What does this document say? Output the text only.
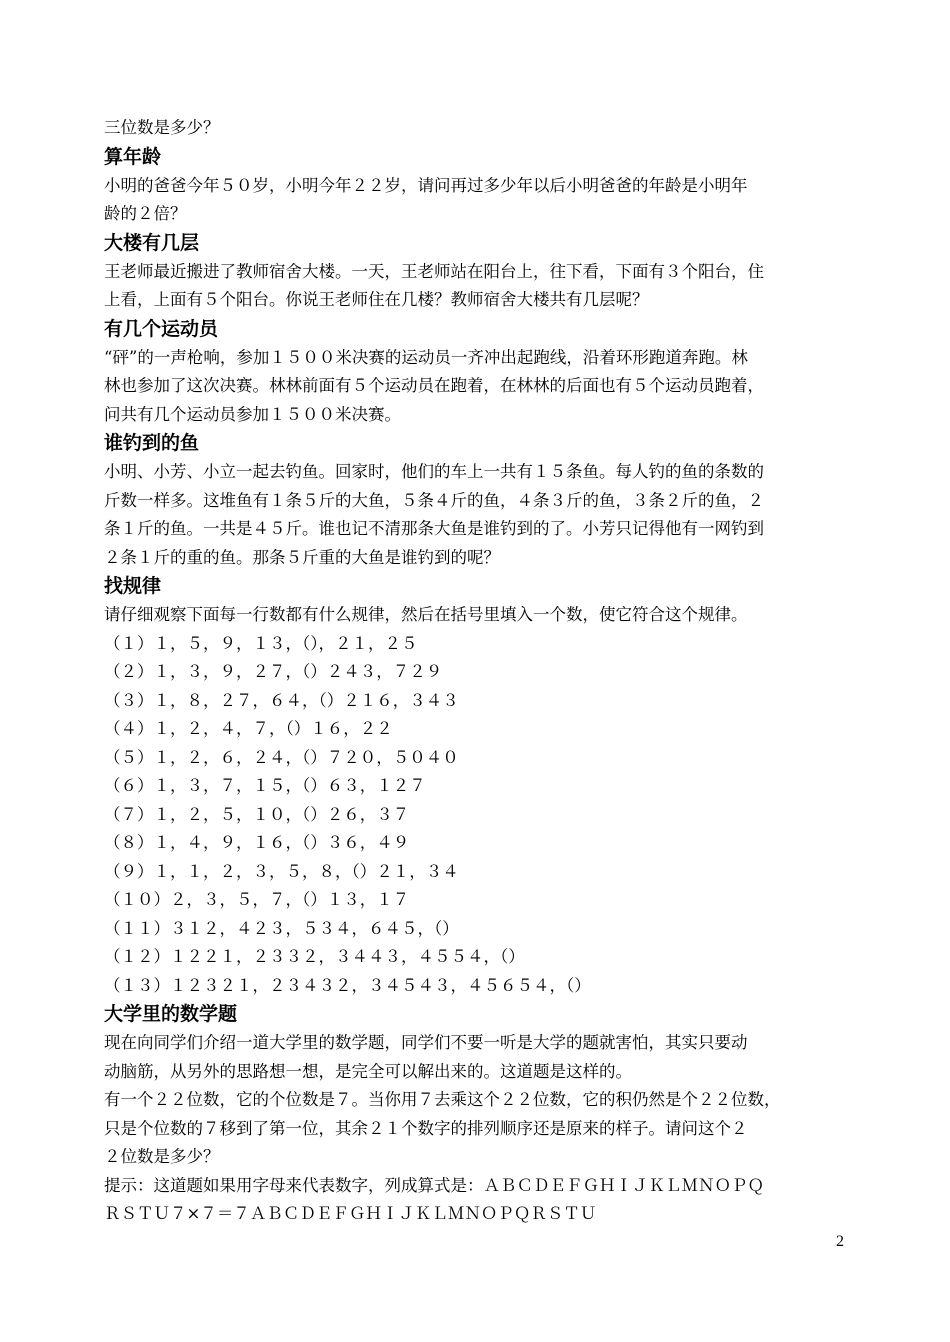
三位数是多少？

算年龄

小明的爸爸今年５０岁，小明今年２２岁，请问再过多少年以后小明爸爸的年龄是小明年

龄的２倍？

大楼有几层

王老师最近搬进了教师宿舍大楼。一天，王老师站在阳台上，往下看，下面有３个阳台，住

上看，上面有５个阳台。你说王老师住在几楼？教师宿舍大楼共有几层呢？

有几个运动员

“砰”的一声枪响，参加１５００米决赛的运动员一齐冲出起跑线，沿着环形跑道奔跑。林

林也参加了这次决赛。林林前面有５个运动员在跑着，在林林的后面也有５个运动员跑着，

问共有几个运动员参加１５００米决赛。

谁钓到的鱼

小明、小芳、小立一起去钓鱼。回家时，他们的车上一共有１５条鱼。每人钓的鱼的条数的

斤数一样多。这堆鱼有１条５斤的大鱼，５条４斤的鱼，４条３斤的鱼，３条２斤的鱼，２

条１斤的鱼。一共是４５斤。谁也记不清那条大鱼是谁钓到的了。小芳只记得他有一网钓到

２条１斤的重的鱼。那条５斤重的大鱼是谁钓到的呢？

找规律

请仔细观察下面每一行数都有什么规律，然后在括号里填入一个数，使它符合这个规律。

（１）１，５，９，１３，（），２１，２５

（２）１，３，９，２７，（）２４３，７２９

（３）１，８，２７，６４，（）２１６，３４３

（４）１，２，４，７，（）１６，２２

（５）１，２，６，２４，（）７２０，５０４０

（６）１，３，７，１５，（）６３，１２７

（７）１，２，５，１０，（）２６，３７

（８）１，４，９，１６，（）３６，４９

（９）１，１，２，３，５，８，（）２１，３４

（１０）２，３，５，７，（）１３，１７

（１１）３１２，４２３，５３４，６４５，（）

（１２）１２２１，２３３２，３４４３，４５５４，（）

（１３）１２３２１，２３４３２，３４５４３，４５６５４，（）

大学里的数学题

现在向同学们介绍一道大学里的数学题，同学们不要一听是大学的题就害怕，其实只要动

动脑筋，从另外的思路想一想，是完全可以解出来的。这道题是这样的。

有一个２２位数，它的个位数是７。当你用７去乘这个２２位数，它的积仍然是个２２位数，

只是个位数的７移到了第一位，其余２１个数字的排列顺序还是原来的样子。请问这个２

２位数是多少？

提示：这道题如果用字母来代表数字，列成算式是：ＡＢＣＤＥＦＧＨＩＪＫＬＭＮＯＰＱ

ＲＳＴＵ７×７＝７ＡＢＣＤＥＦＧＨＩＪＫＬＭＮＯＰＱＲＳＴＵ

2
